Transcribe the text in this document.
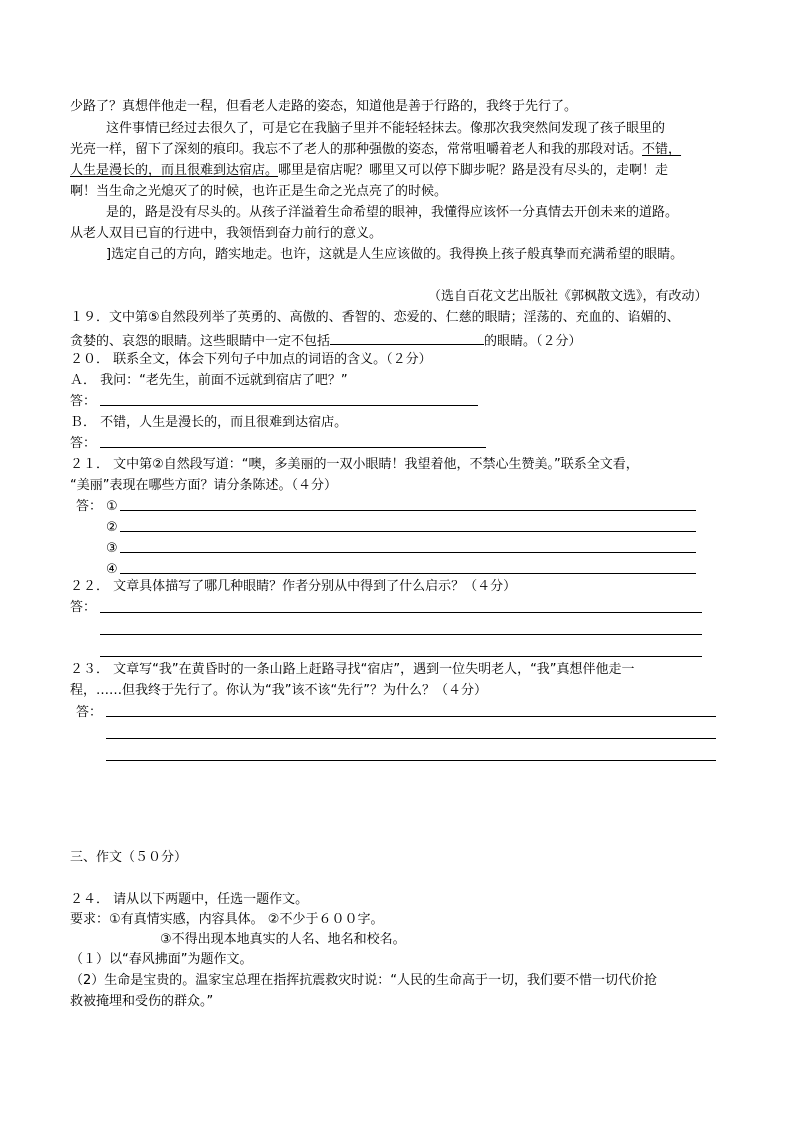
少路了？真想伴他走一程，但看老人走路的姿态，知道他是善于行路的，我终于先行了。
这件事情已经过去很久了，可是它在我脑子里并不能轻轻抹去。像那次我突然间发现了孩子眼里的
光亮一样，留下了深刻的痕印。我忘不了老人的那种强傲的姿态，常常咀嚼着老人和我的那段对话。不错，
人生是漫长的，而且很难到达宿店。哪里是宿店呢？哪里又可以停下脚步呢？路是没有尽头的，走啊！走
啊！当生命之光熄灭了的时候，也许正是生命之光点亮了的时候。
是的，路是没有尽头的。从孩子洋溢着生命希望的眼神，我懂得应该怀一分真情去开创未来的道路。
从老人双目已盲的行进中，我领悟到奋力前行的意义。
]选定自己的方向，踏实地走。也许，这就是人生应该做的。我得换上孩子般真挚而充满希望的眼睛。
（选自百花文艺出版社《郭枫散文选》，有改动）
１９．文中第⑤自然段列举了英勇的、高傲的、香智的、恋爱的、仁慈的眼睛；淫荡的、充血的、谄媚的、
贪婪的、哀怨的眼睛。这些眼睛中一定不包括	的眼睛。（２分）
２０． 联系全文，体会下列句子中加点的词语的含义。（２分）
Ａ． 我问：“老先生，前面不远就到宿店了吧？”
答：
Ｂ． 不错，人生是漫长的，而且很难到达宿店。
答：
２１． 文中第②自然段写道：“噢，多美丽的一双小眼睛！我望着他，不禁心生赞美。”联系全文看，
“美丽”表现在哪些方面？请分条陈述。（４分）
答： ①
②
③
④
２２． 文章具体描写了哪几种眼睛？作者分别从中得到了什么启示？（４分）
答：
２３． 文章写“我”在黄昏时的一条山路上赶路寻找“宿店”，遇到一位失明老人，“我”真想伴他走一
程，……但我终于先行了。你认为“我”该不该“先行”？为什么？（４分）
答：
三、作文（５０分）
２４． 请从以下两题中，任选一题作文。
要求：①有真情实感，内容具体。 ②不少于６００字。
③不得出现本地真实的人名、地名和校名。
（１）以“春风拂面”为题作文。
（2）生命是宝贵的。温家宝总理在指挥抗震救灾时说：“人民的生命高于一切，我们要不惜一切代价抢
救被掩埋和受伤的群众。”
